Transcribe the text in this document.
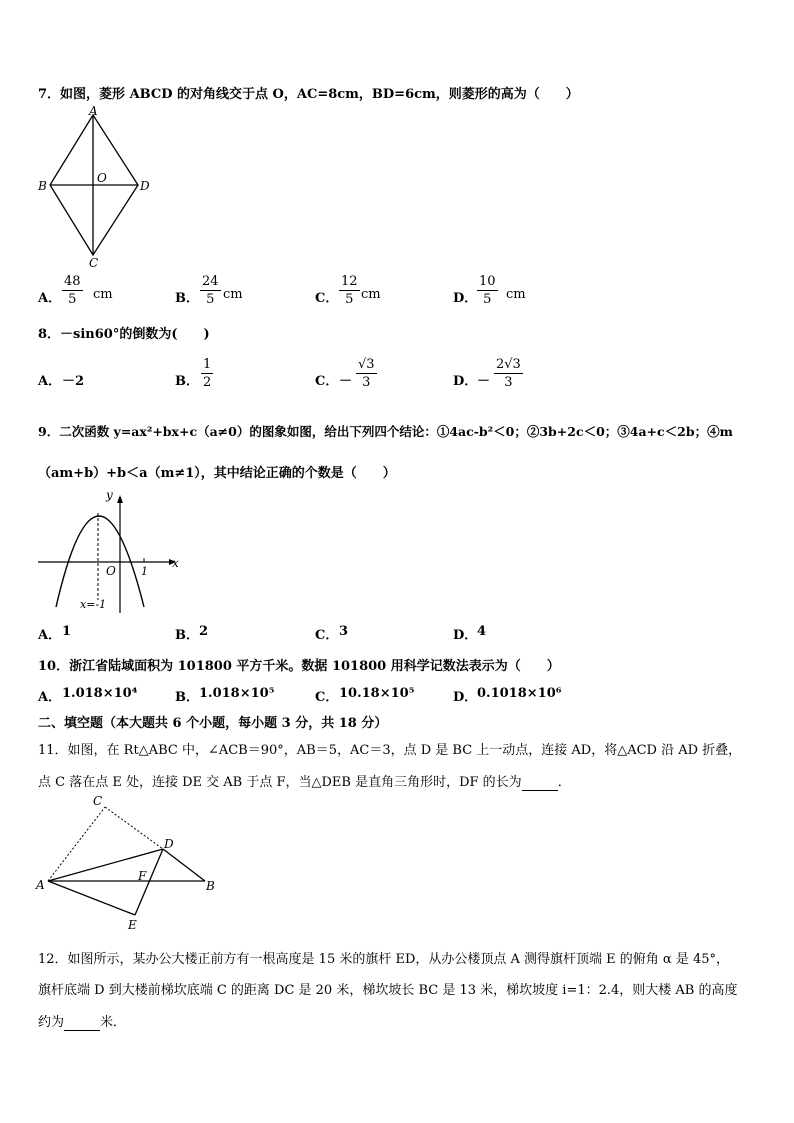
7．如图，菱形 ABCD 的对角线交于点 O，AC=8cm，BD=6cm，则菱形的高为（　　）
A
B	D
C
O
A．
48
5	cm	B．
24
5 cm	C．
12
5 cm	D．
10
5	cm
8．－sin60°的倒数为(　　)
A． －2	B．
1
2	C． －
√3
3	D． －
2√3
3
9．二次函数 y=ax²+bx+c（a≠0）的图象如图，给出下列四个结论：①4ac-b²＜0；②3b+2c＜0；③4a+c＜2b；④m
（am+b）+b＜a（m≠1），其中结论正确的个数是（　　）
y
x
O 1
x=-1
A． 1	B． 2	C． 3	D． 4
10．浙江省陆域面积为 101800 平方千米。数据 101800 用科学记数法表示为（　　）
A． 1.018×10⁴	B． 1.018×10⁵	C． 10.18×10⁵	D． 0.1018×10⁶
二、填空题（本大题共 6 个小题，每小题 3 分，共 18 分）
11．如图，在 Rt△ABC 中，∠ACB＝90°，AB＝5，AC＝3，点 D 是 BC 上一动点，连接 AD，将△ACD 沿 AD 折叠，
点 C 落在点 E 处，连接 DE 交 AB 于点 F，当△DEB 是直角三角形时，DF 的长为	．
C
D
A
F
B
E
12．如图所示，某办公大楼正前方有一根高度是 15 米的旗杆 ED，从办公楼顶点 A 测得旗杆顶端 E 的俯角 α 是 45°，
旗杆底端 D 到大楼前梯坎底端 C 的距离 DC 是 20 米，梯坎坡长 BC 是 13 米，梯坎坡度 i=1：2.4，则大楼 AB 的高度
约为	米．
